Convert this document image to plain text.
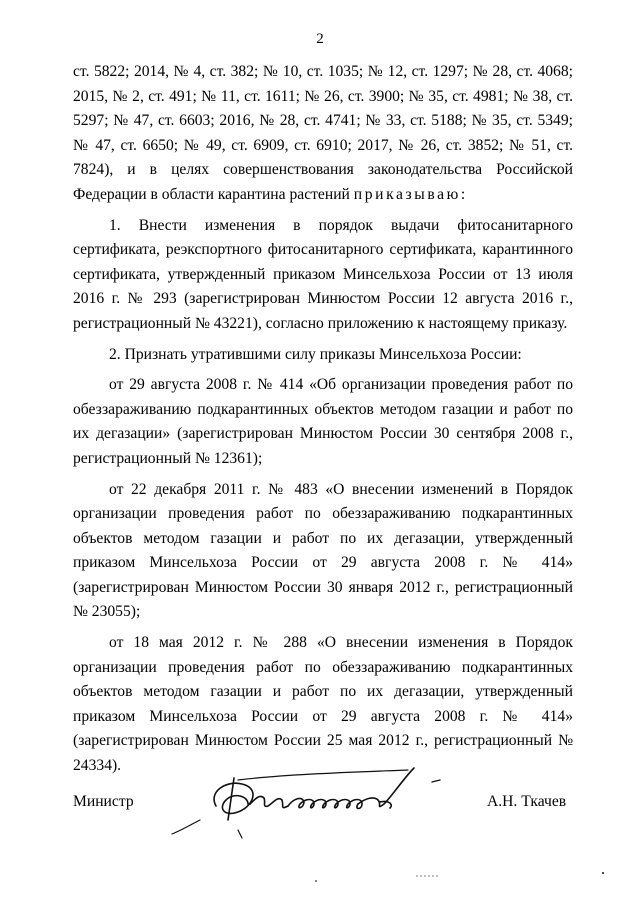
2

ст. 5822; 2014, № 4, ст. 382; № 10, ст. 1035; № 12, ст. 1297; № 28, ст. 4068; 2015, № 2, ст. 491; № 11, ст. 1611; № 26, ст. 3900; № 35, ст. 4981; № 38, ст. 5297; № 47, ст. 6603; 2016, № 28, ст. 4741; № 33, ст. 5188; № 35, ст. 5349; № 47, ст. 6650; № 49, ст. 6909, ст. 6910; 2017, № 26, ст. 3852; № 51, ст. 7824), и в целях совершенствования законодательства Российской Федерации в области карантина растений приказываю:

1. Внести изменения в порядок выдачи фитосанитарного сертификата, реэкспортного фитосанитарного сертификата, карантинного сертификата, утвержденный приказом Минсельхоза России от 13 июля 2016 г. № 293 (зарегистрирован Минюстом России 12 августа 2016 г., регистрационный № 43221), согласно приложению к настоящему приказу.

2. Признать утратившими силу приказы Минсельхоза России:

от 29 августа 2008 г. № 414 «Об организации проведения работ по обеззараживанию подкарантинных объектов методом газации и работ по их дегазации» (зарегистрирован Минюстом России 30 сентября 2008 г., регистрационный № 12361);

от 22 декабря 2011 г. № 483 «О внесении изменений в Порядок организации проведения работ по обеззараживанию подкарантинных объектов методом газации и работ по их дегазации, утвержденный приказом Минсельхоза России от 29 августа 2008 г. № 414» (зарегистрирован Минюстом России 30 января 2012 г., регистрационный № 23055);

от 18 мая 2012 г. № 288 «О внесении изменения в Порядок организации проведения работ по обеззараживанию подкарантинных объектов методом газации и работ по их дегазации, утвержденный приказом Минсельхоза России от 29 августа 2008 г. № 414» (зарегистрирован Минюстом России 25 мая 2012 г., регистрационный № 24334).

Министр	А.Н. Ткачев
